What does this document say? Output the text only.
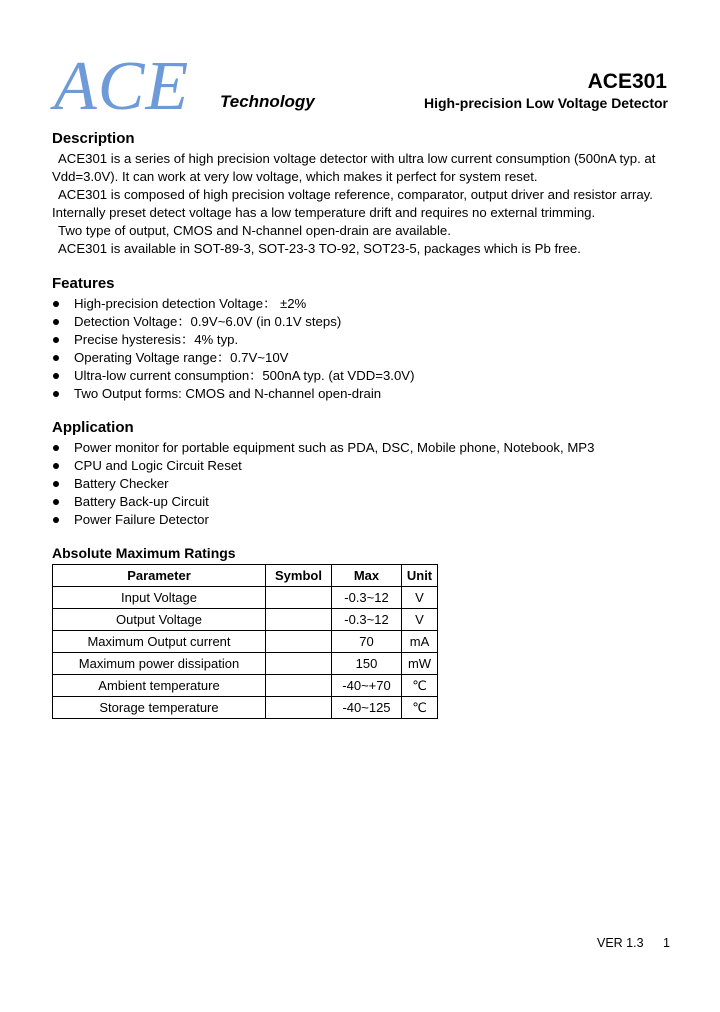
ACE Technology
ACE301
High-precision Low Voltage Detector
Description
ACE301 is a series of high precision voltage detector with ultra low current consumption (500nA typ. at
Vdd=3.0V). It can work at very low voltage, which makes it perfect for system reset.
ACE301 is composed of high precision voltage reference, comparator, output driver and resistor array.
Internally preset detect voltage has a low temperature drift and requires no external trimming.
Two type of output, CMOS and N-channel open-drain are available.
ACE301 is available in SOT-89-3, SOT-23-3 TO-92, SOT23-5, packages which is Pb free.
Features
High-precision detection Voltage： ±2%
Detection Voltage：0.9V~6.0V (in 0.1V steps)
Precise hysteresis：4% typ.
Operating Voltage range：0.7V~10V
Ultra-low current consumption：500nA typ. (at VDD=3.0V)
Two Output forms: CMOS and N-channel open-drain
Application
Power monitor for portable equipment such as PDA, DSC, Mobile phone, Notebook, MP3
CPU and Logic Circuit Reset
Battery Checker
Battery Back-up Circuit
Power Failure Detector
Absolute Maximum Ratings
Parameter	Symbol	Max	Unit
Input Voltage		-0.3~12	V
Output Voltage		-0.3~12	V
Maximum Output current		70	mA
Maximum power dissipation		150	mW
Ambient temperature		-40~+70	℃
Storage temperature		-40~125	℃
VER 1.3 1
